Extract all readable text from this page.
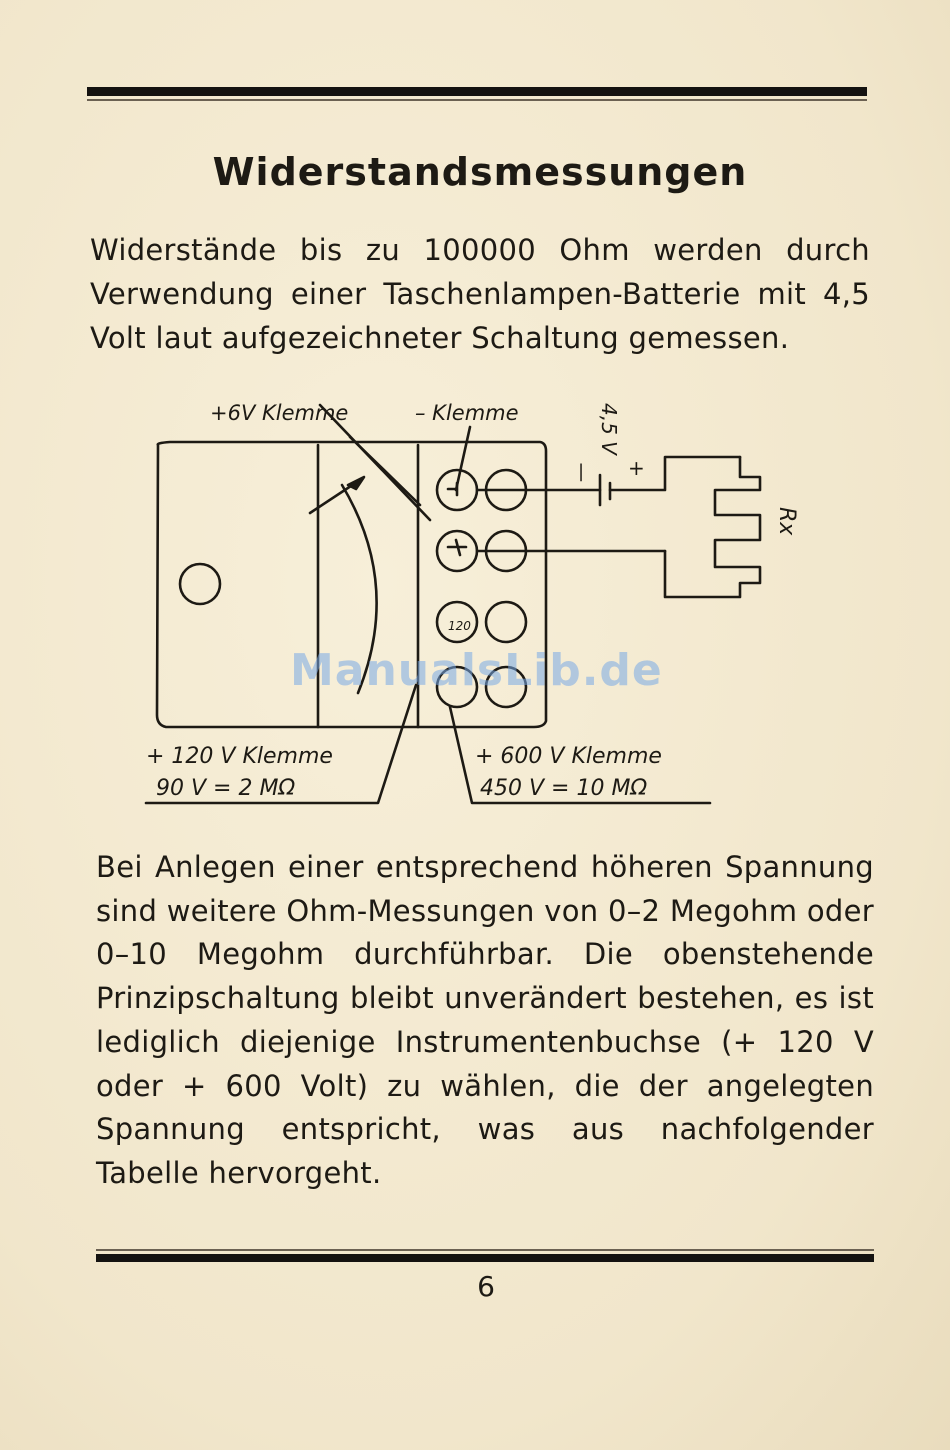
Widerstandsmessungen

Widerstände bis zu 100000 Ohm werden durch Verwendung einer Taschenlampen-Batterie mit 4,5 Volt laut aufgezeichneter Schaltung gemessen.

+6V Klemme	– Klemme	4,5 V
| +
Rx
+ 120 V Klemme
90 V = 2 MΩ
+ 600 V Klemme
450 V = 10 MΩ
120
ManualsLib.de

Bei Anlegen einer entsprechend höheren Spannung sind weitere Ohm-Messungen von 0–2 Megohm oder 0–10 Megohm durchführbar. Die obenstehende Prinzipschaltung bleibt unverändert bestehen, es ist lediglich diejenige Instrumentenbuchse (+ 120 V oder + 600 Volt) zu wählen, die der angelegten Spannung entspricht, was aus nachfolgender Tabelle hervorgeht.

6
